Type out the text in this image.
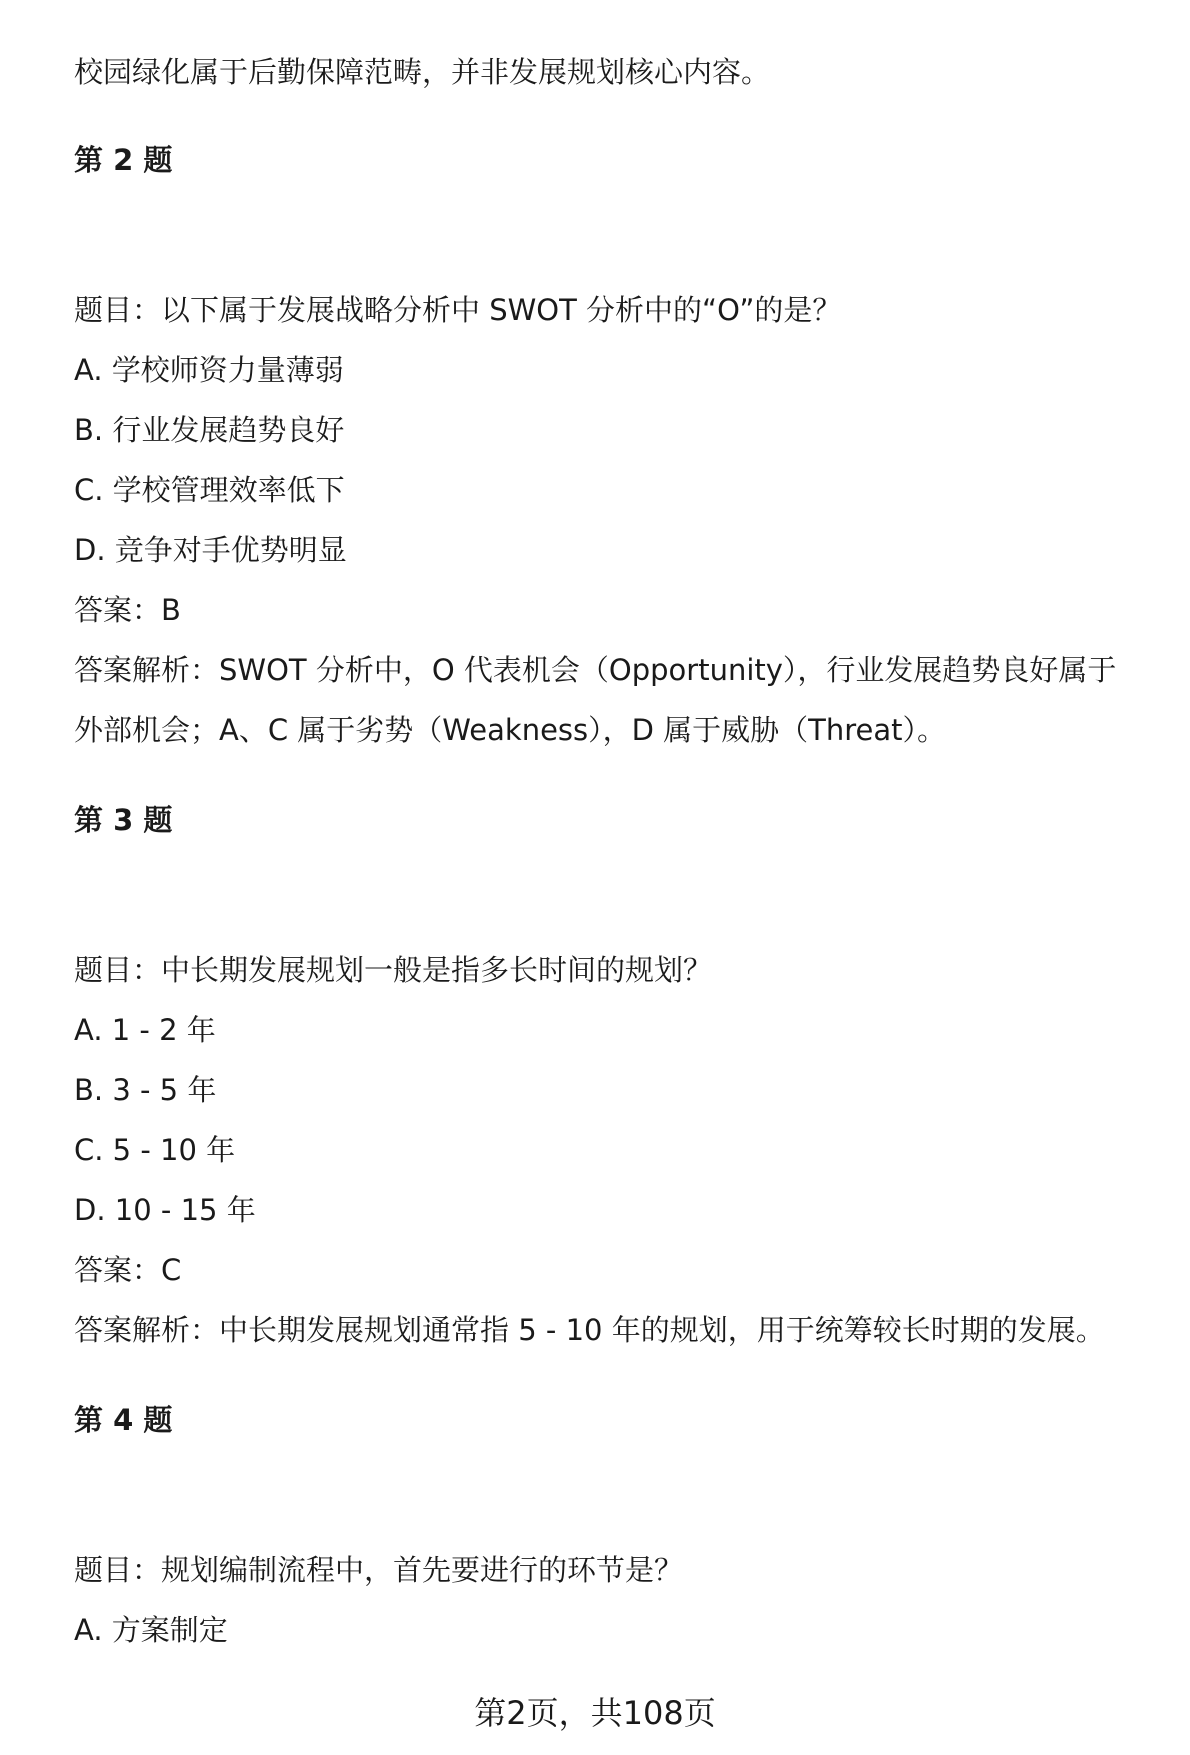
校园绿化属于后勤保障范畴，并非发展规划核心内容。
第 2 题
题目：以下属于发展战略分析中 SWOT 分析中的“O”的是？
A. 学校师资力量薄弱
B. 行业发展趋势良好
C. 学校管理效率低下
D. 竞争对手优势明显
答案：B
答案解析：SWOT 分析中，O 代表机会（Opportunity），行业发展趋势良好属于
外部机会；A、C 属于劣势（Weakness），D 属于威胁（Threat）。
第 3 题
题目：中长期发展规划一般是指多长时间的规划？
A. 1 - 2 年
B. 3 - 5 年
C. 5 - 10 年
D. 10 - 15 年
答案：C
答案解析：中长期发展规划通常指 5 - 10 年的规划，用于统筹较长时期的发展。
第 4 题
题目：规划编制流程中，首先要进行的环节是？
A. 方案制定
第2页，共108页
